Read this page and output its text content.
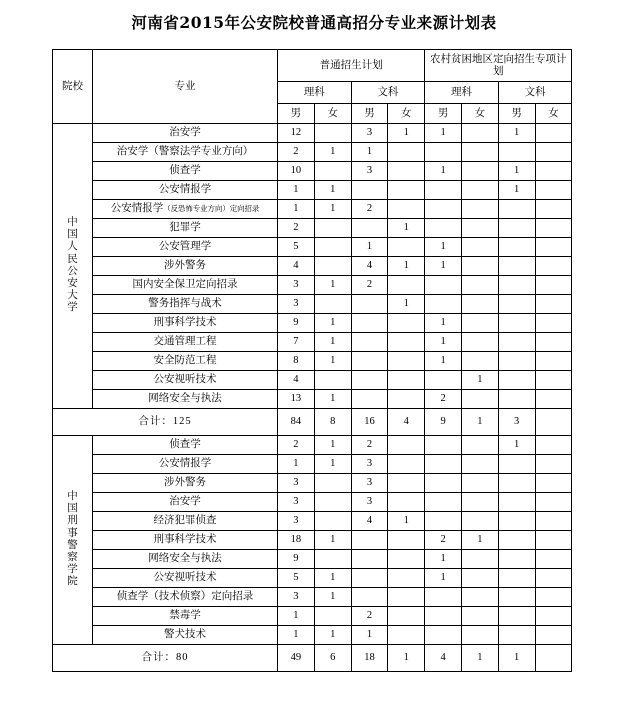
河南省2015年公安院校普通高招分专业来源计划表
院校	专业	普通招生计划				农村贫困地区定向招生专项计划			
		理科		文科		理科		文科	
		男	女	男	女	男	女	男	女

中
国
人
民
公
安
大
学
	治安学	12		3	1	1		1	
	治安学（警察法学专业方向）	2	1	1					
	侦查学	10		3		1		1	
	公安情报学	1	1					1	
	公安情报学（反恐怖专业方向）定向招录	1	1	2					
	犯罪学	2			1				
	公安管理学	5		1		1			
	涉外警务	4		4	1	1			
	国内安全保卫定向招录	3	1	2					
	警务指挥与战术	3			1				
	刑事科学技术	9	1			1			
	交通管理工程	7	1			1			
	安全防范工程	8	1			1			
	公安视听技术	4					1		
	网络安全与执法	13	1			2			
合计：125		84	8	16	4	9	1	3	

中
国
刑
事
警
察
学
院
	侦查学	2	1	2				1	
	公安情报学	1	1	3					
	涉外警务	3		3					
	治安学	3		3					
	经济犯罪侦查	3		4	1				
	刑事科学技术	18	1			2	1		
	网络安全与执法	9				1			
	公安视听技术	5	1			1			
	侦查学（技术侦察）定向招录	3	1						
	禁毒学	1		2					
	警犬技术	1	1	1					
合计：80		49	6	18	1	4	1	1	
